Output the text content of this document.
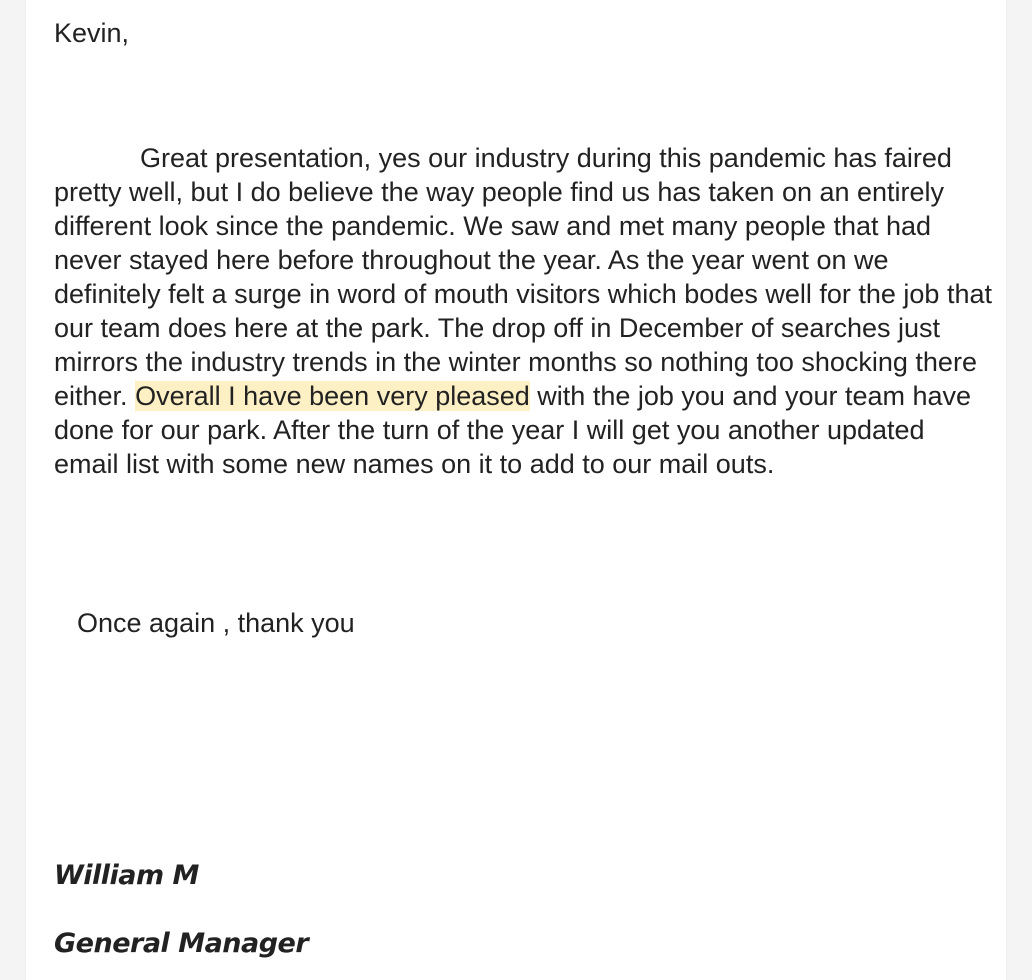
Kevin,

Great presentation, yes our industry during this pandemic has faired pretty well, but I do believe the way people find us has taken on an entirely different look since the pandemic. We saw and met many people that had never stayed here before throughout the year. As the year went on we definitely felt a surge in word of mouth visitors which bodes well for the job that our team does here at the park. The drop off in December of searches just mirrors the industry trends in the winter months so nothing too shocking there either. Overall I have been very pleased with the job you and your team have done for our park. After the turn of the year I will get you another updated email list with some new names on it to add to our mail outs.

Once again , thank you

William M

General Manager
